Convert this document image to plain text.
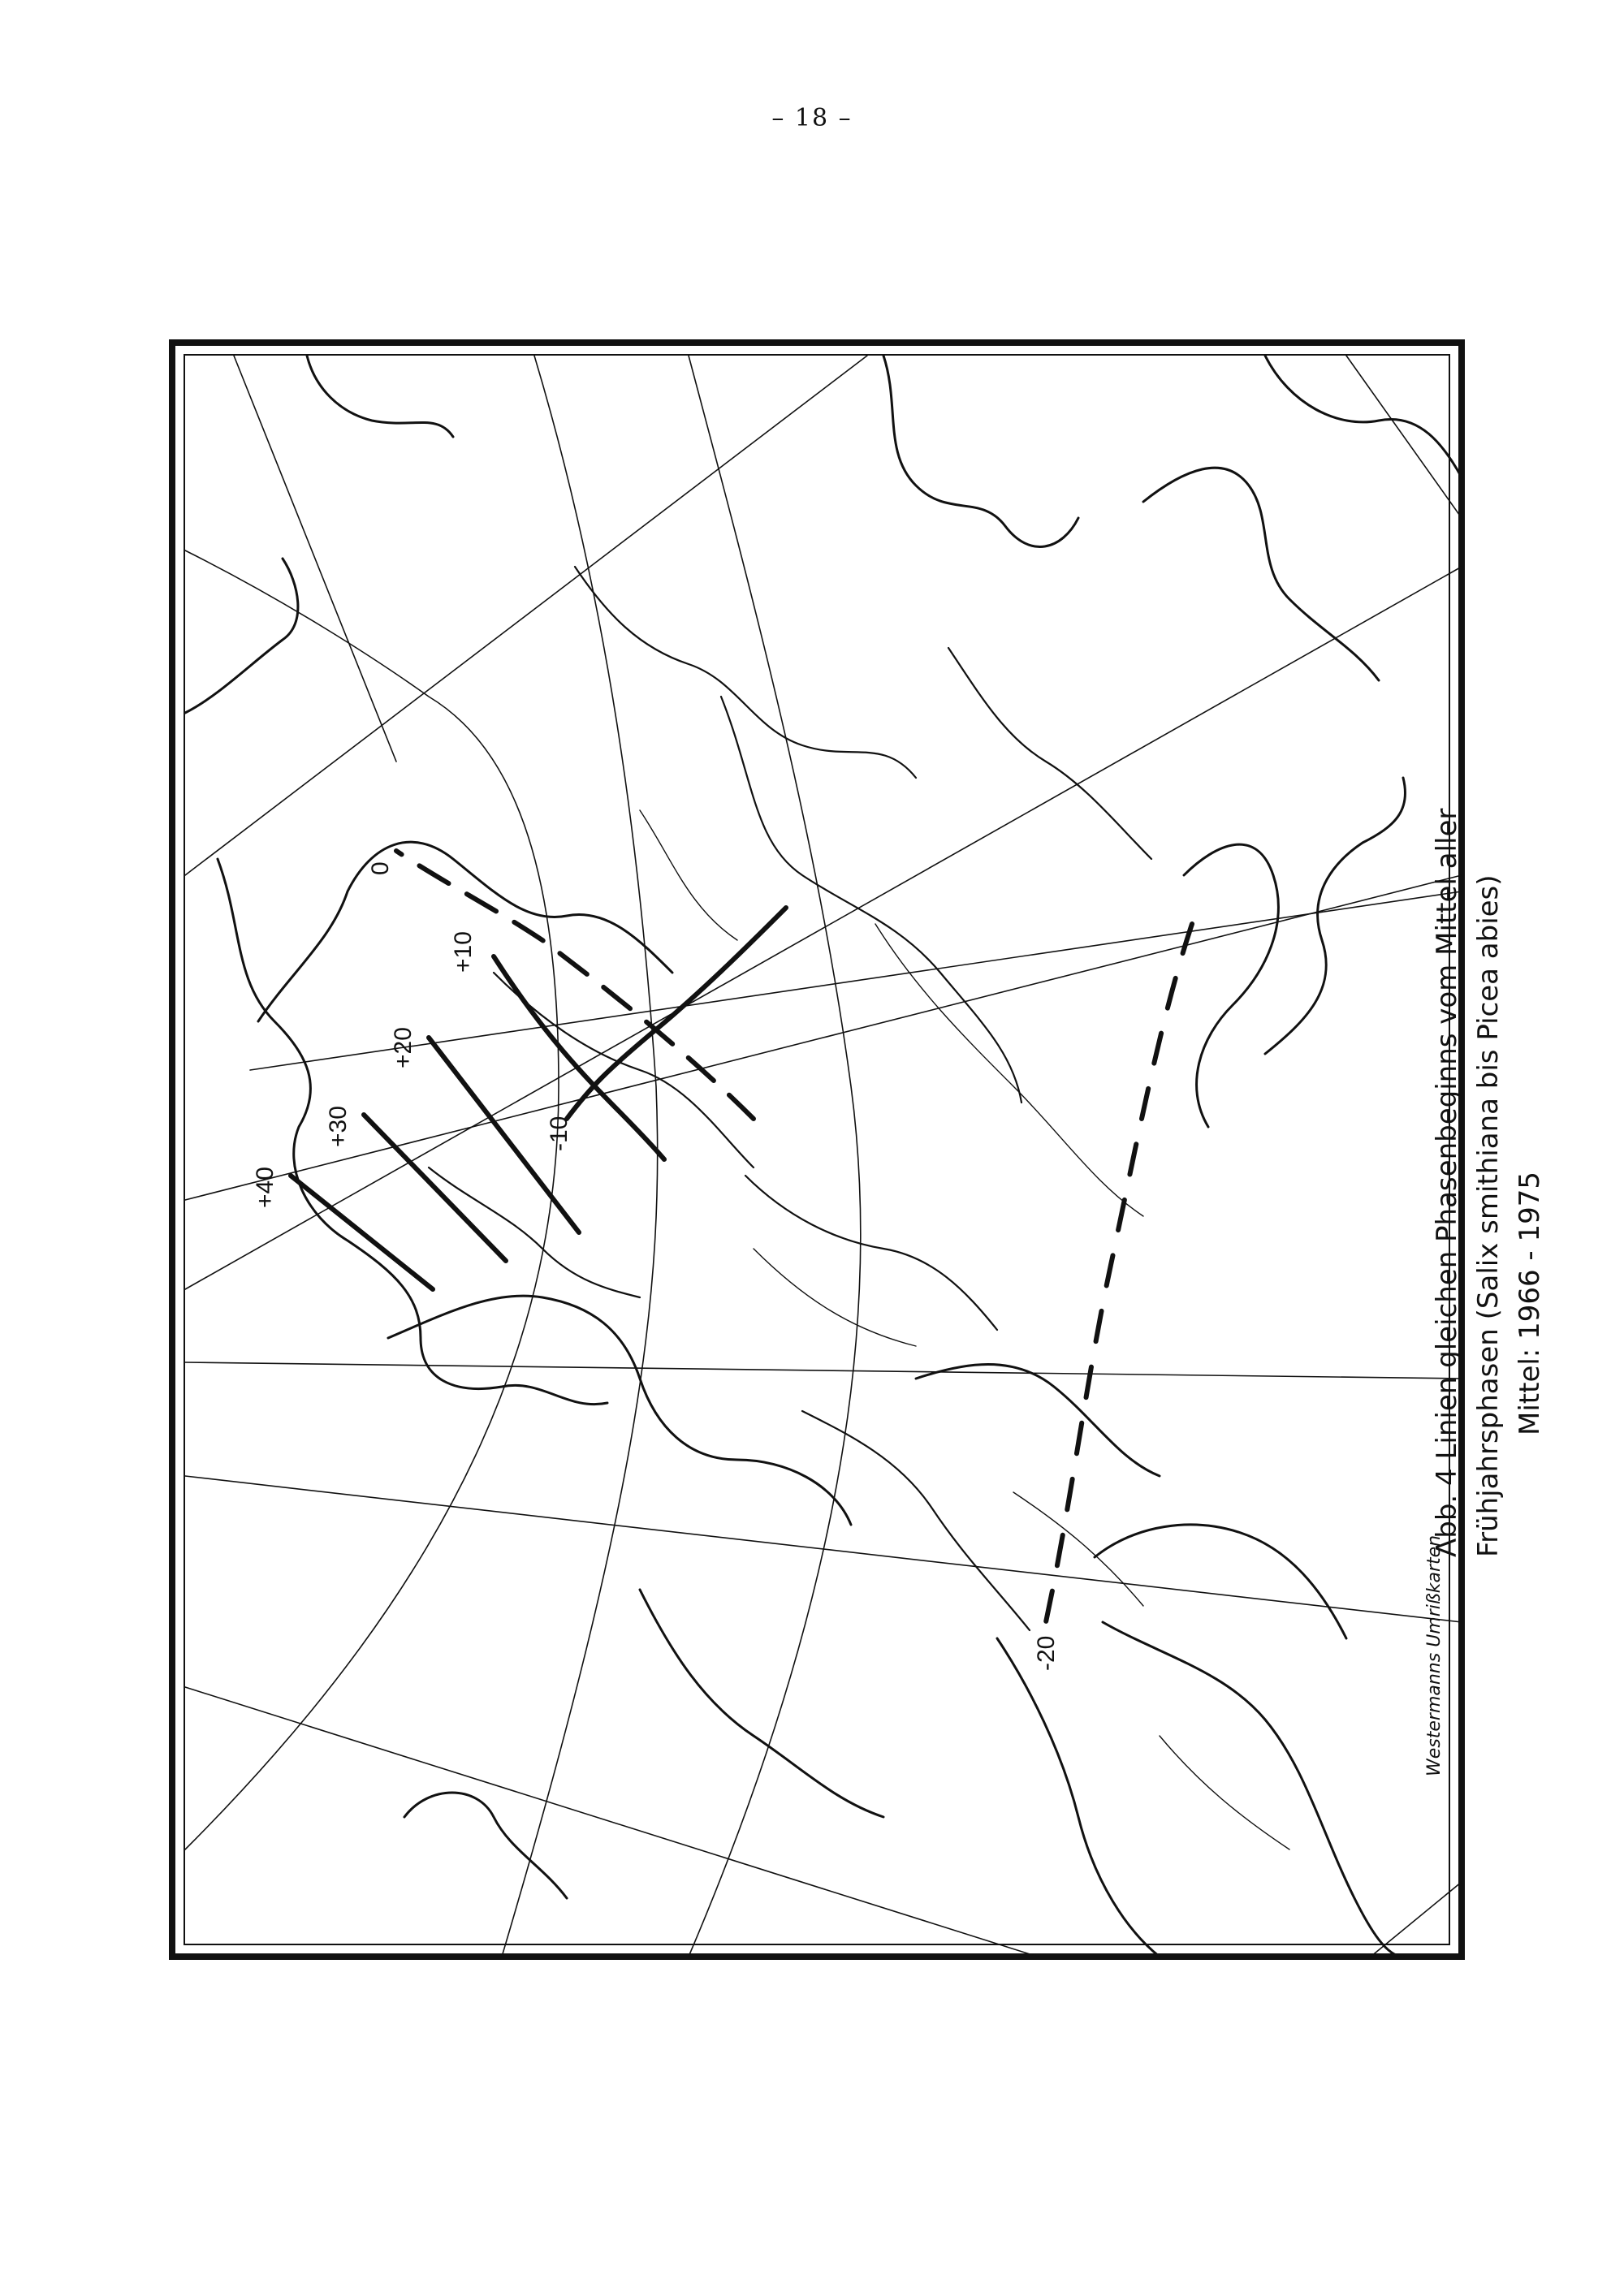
– 18 –
+40
+30
+20
+10
0
-10
-20
Abb. 4 Linien gleichen Phasenbeginns vom Mittel aller Frühjahrsphasen (Salix smithiana bis Picea abies) Mittel: 1966 - 1975
Westermanns Umrißkarten
